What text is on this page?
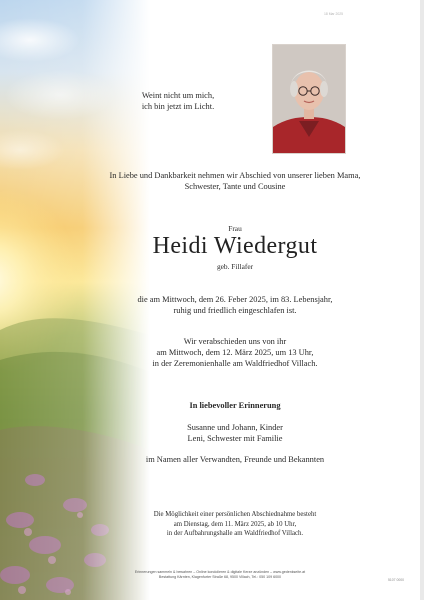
18 Mar 2025
Weint nicht um mich,
ich bin jetzt im Licht.
In Liebe und Dankbarkeit nehmen wir Abschied von unserer lieben Mama,
Schwester, Tante und Cousine
Frau
Heidi Wiedergut
geb. Fillafer
die am Mittwoch, dem 26. Feber 2025, im 83. Lebensjahr,
ruhig und friedlich eingeschlafen ist.
Wir verabschieden uns von ihr
am Mittwoch, dem 12. März 2025, um 13 Uhr,
in der Zeremonienhalle am Waldfriedhof Villach.
In liebevoller Erinnerung
Susanne und Johann, Kinder
Leni, Schwester mit Familie
im Namen aller Verwandten, Freunde und Bekannten
Die Möglichkeit einer persönlichen Abschiednahme besteht
am Dienstag, dem 11. März 2025, ab 10 Uhr,
in der Aufbahrungshalle am Waldfriedhof Villach.
Erinnerungen sammeln & bewahren – Online kondolieren & digitale Kerze anzünden – www.gedenkseite.at
Bestattung Kärnten, Klagenfurter Straße 68, 9500 Villach, Tel.: 050 109 6000
5107 0000
